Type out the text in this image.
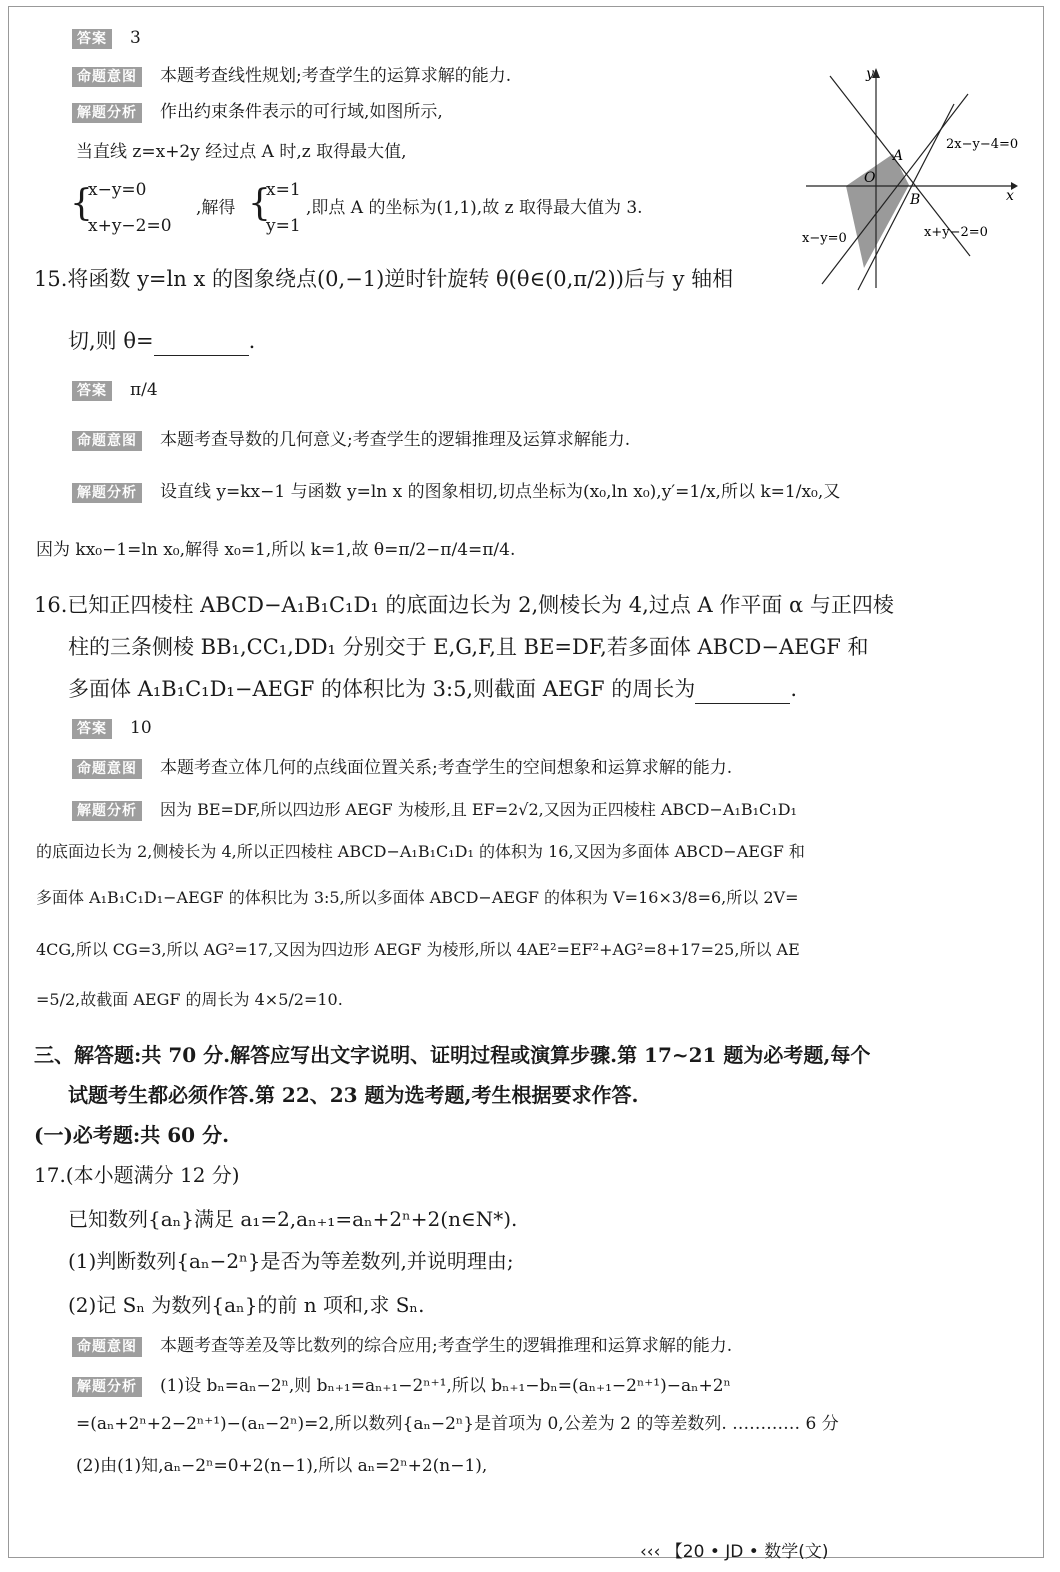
答案 3
命题意图 本题考查线性规划;考查学生的运算求解的能力.
解题分析 作出约束条件表示的可行域,如图所示,
当直线 z=x+2y 经过点 A 时,z 取得最大值,
{
x−y=0
x+y−2=0
,解得 {
x=1
y=1
,即点 A 的坐标为(1,1),故 z 取得最大值为 3.
y
x
O
A
B
2x−y−4=0
x−y=0	x+y−2=0
15.将函数 y=ln x 的图象绕点(0,−1)逆时针旋转 θ(θ∈(0,π/2))后与 y 轴相
切,则 θ=	.
答案 π/4
命题意图 本题考查导数的几何意义;考查学生的逻辑推理及运算求解能力.
解题分析 设直线 y=kx−1 与函数 y=ln x 的图象相切,切点坐标为(x₀,ln x₀),y′=1/x,所以 k=1/x₀,又
因为 kx₀−1=ln x₀,解得 x₀=1,所以 k=1,故 θ=π/2−π/4=π/4.
16.已知正四棱柱 ABCD−A₁B₁C₁D₁ 的底面边长为 2,侧棱长为 4,过点 A 作平面 α 与正四棱
柱的三条侧棱 BB₁,CC₁,DD₁ 分别交于 E,G,F,且 BE=DF,若多面体 ABCD−AEGF 和
多面体 A₁B₁C₁D₁−AEGF 的体积比为 3:5,则截面 AEGF 的周长为	.
答案 10
命题意图 本题考查立体几何的点线面位置关系;考查学生的空间想象和运算求解的能力.
解题分析 因为 BE=DF,所以四边形 AEGF 为棱形,且 EF=2√2,又因为正四棱柱 ABCD−A₁B₁C₁D₁
的底面边长为 2,侧棱长为 4,所以正四棱柱 ABCD−A₁B₁C₁D₁ 的体积为 16,又因为多面体 ABCD−AEGF 和
多面体 A₁B₁C₁D₁−AEGF 的体积比为 3:5,所以多面体 ABCD−AEGF 的体积为 V=16×3/8=6,所以 2V=
4CG,所以 CG=3,所以 AG²=17,又因为四边形 AEGF 为棱形,所以 4AE²=EF²+AG²=8+17=25,所以 AE
=5/2,故截面 AEGF 的周长为 4×5/2=10.
三、解答题:共 70 分.解答应写出文字说明、证明过程或演算步骤.第 17~21 题为必考题,每个
试题考生都必须作答.第 22、23 题为选考题,考生根据要求作答.
(一)必考题:共 60 分.
17.(本小题满分 12 分)
已知数列{aₙ}满足 a₁=2,aₙ₊₁=aₙ+2ⁿ+2(n∈N*).
(1)判断数列{aₙ−2ⁿ}是否为等差数列,并说明理由;
(2)记 Sₙ 为数列{aₙ}的前 n 项和,求 Sₙ.
命题意图 本题考查等差及等比数列的综合应用;考查学生的逻辑推理和运算求解的能力.
解题分析 (1)设 bₙ=aₙ−2ⁿ,则 bₙ₊₁=aₙ₊₁−2ⁿ⁺¹,所以 bₙ₊₁−bₙ=(aₙ₊₁−2ⁿ⁺¹)−aₙ+2ⁿ
=(aₙ+2ⁿ+2−2ⁿ⁺¹)−(aₙ−2ⁿ)=2,所以数列{aₙ−2ⁿ}是首项为 0,公差为 2 的等差数列. ………… 6 分
(2)由(1)知,aₙ−2ⁿ=0+2(n−1),所以 aₙ=2ⁿ+2(n−1),
‹‹‹ 【20 • JD • 数学(文)
